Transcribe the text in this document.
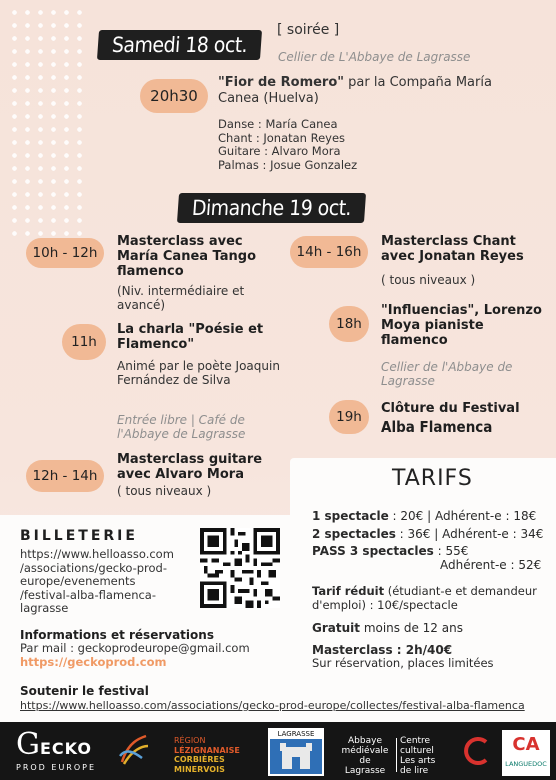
Samedi 18 oct.
[ soirée ]
Cellier de L'Abbaye de Lagrasse
20h30
"Fior de Romero" par la Compaña María Canea (Huelva)
Danse : María Canea
Chant : Jonatan Reyes
Guitare : Alvaro Mora
Palmas : Josue Gonzalez
Dimanche 19 oct.
10h - 12h
Masterclass avec María Canea Tango flamenco
(Niv. intermédiaire et avancé)
11h
La charla "Poésie et Flamenco"
Animé par le poète Joaquin Fernández de Silva
Entrée libre | Café de l'Abbaye de Lagrasse
12h - 14h
Masterclass guitare avec Alvaro Mora
( tous niveaux )
14h - 16h
Masterclass Chant avec Jonatan Reyes
( tous niveaux )
18h
"Influencias", Lorenzo Moya pianiste flamenco
Cellier de l'Abbaye de Lagrasse
19h
Clôture du Festival
Alba Flamenca
TARIFS
1 spectacle : 20€ | Adhérent-e : 18€
2 spectacles : 36€ | Adhérent-e : 34€
PASS 3 spectacles : 55€
Adhérent-e : 52€
Tarif réduit (étudiant-e et demandeur d'emploi) : 10€/spectacle
Gratuit moins de 12 ans
Masterclass : 2h/40€
Sur réservation, places limitées
BILLETERIE
https://www.helloasso.com
/associations/gecko-prod-
europe/evenements
/festival-alba-flamenca-
lagrasse
Informations et réservations
Par mail : geckoprodeurope@gmail.com
https://geckoprod.com
Soutenir le festival
https://www.helloasso.com/associations/gecko-prod-europe/collectes/festival-alba-flamenca
GECKO
PROD EUROPE
RÉGION
LÉZIGNANAISE
CORBIÈRES
MINERVOIS
LAGRASSE
Abbaye
médiévale
de
Lagrasse
Centre
culturel
Les arts
de lire
CA
LANGUEDOC
